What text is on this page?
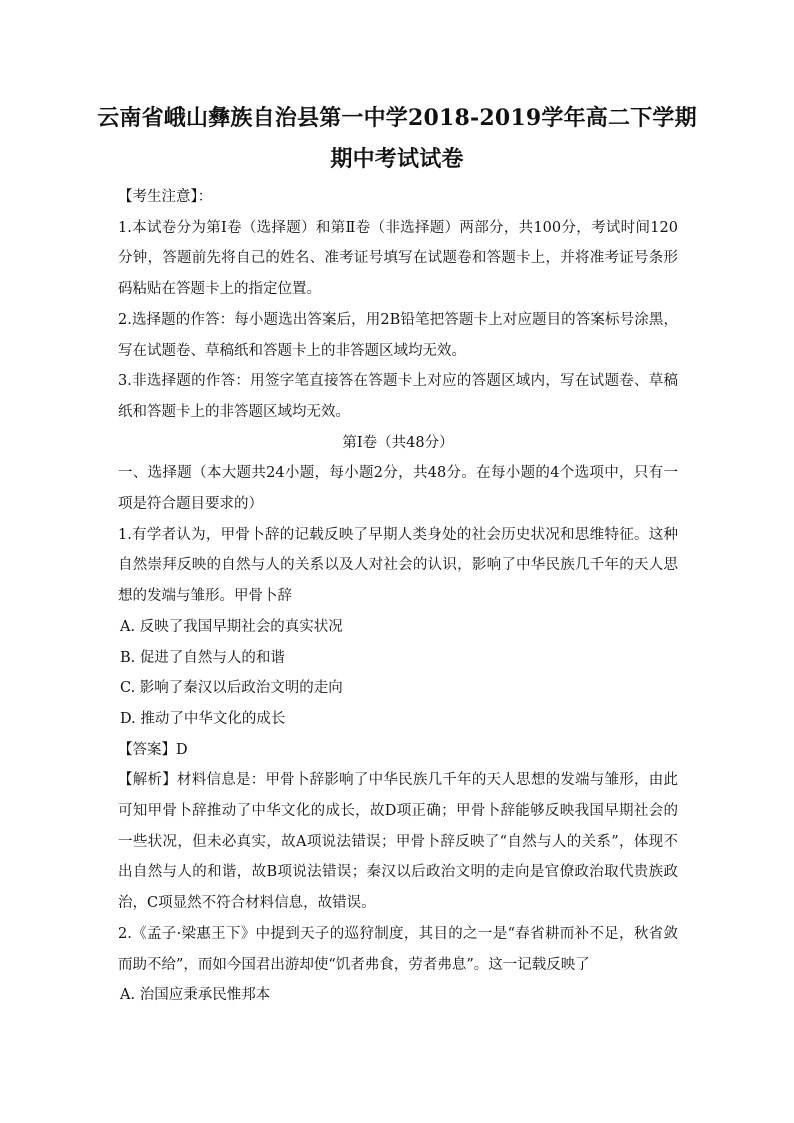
云南省峨山彝族自治县第一中学2018-2019学年高二下学期
期中考试试卷

【考生注意】：

1.本试卷分为第Ⅰ卷（选择题）和第Ⅱ卷（非选择题）两部分，共100分，考试时间120分钟，答题前先将自己的姓名、准考证号填写在试题卷和答题卡上，并将准考证号条形码粘贴在答题卡上的指定位置。

2.选择题的作答：每小题选出答案后，用2B铅笔把答题卡上对应题目的答案标号涂黑，写在试题卷、草稿纸和答题卡上的非答题区域均无效。

3.非选择题的作答：用签字笔直接答在答题卡上对应的答题区域内，写在试题卷、草稿纸和答题卡上的非答题区域均无效。

第Ⅰ卷（共48分）

一、选择题（本大题共24小题，每小题2分，共48分。在每小题的4个选项中，只有一项是符合题目要求的）

1.有学者认为，甲骨卜辞的记载反映了早期人类身处的社会历史状况和思维特征。这种自然崇拜反映的自然与人的关系以及人对社会的认识，影响了中华民族几千年的天人思想的发端与雏形。甲骨卜辞

A. 反映了我国早期社会的真实状况

B. 促进了自然与人的和谐

C. 影响了秦汉以后政治文明的走向

D. 推动了中华文化的成长

【答案】D

【解析】材料信息是：甲骨卜辞影响了中华民族几千年的天人思想的发端与雏形，由此可知甲骨卜辞推动了中华文化的成长，故D项正确；甲骨卜辞能够反映我国早期社会的一些状况，但未必真实，故A项说法错误；甲骨卜辞反映了“自然与人的关系”，体现不出自然与人的和谐，故B项说法错误；秦汉以后政治文明的走向是官僚政治取代贵族政治，C项显然不符合材料信息，故错误。

2.《孟子·梁惠王下》中提到天子的巡狩制度，其目的之一是“春省耕而补不足，秋省敛而助不给”，而如今国君出游却使“饥者弗食，劳者弗息”。这一记载反映了

A. 治国应秉承民惟邦本
